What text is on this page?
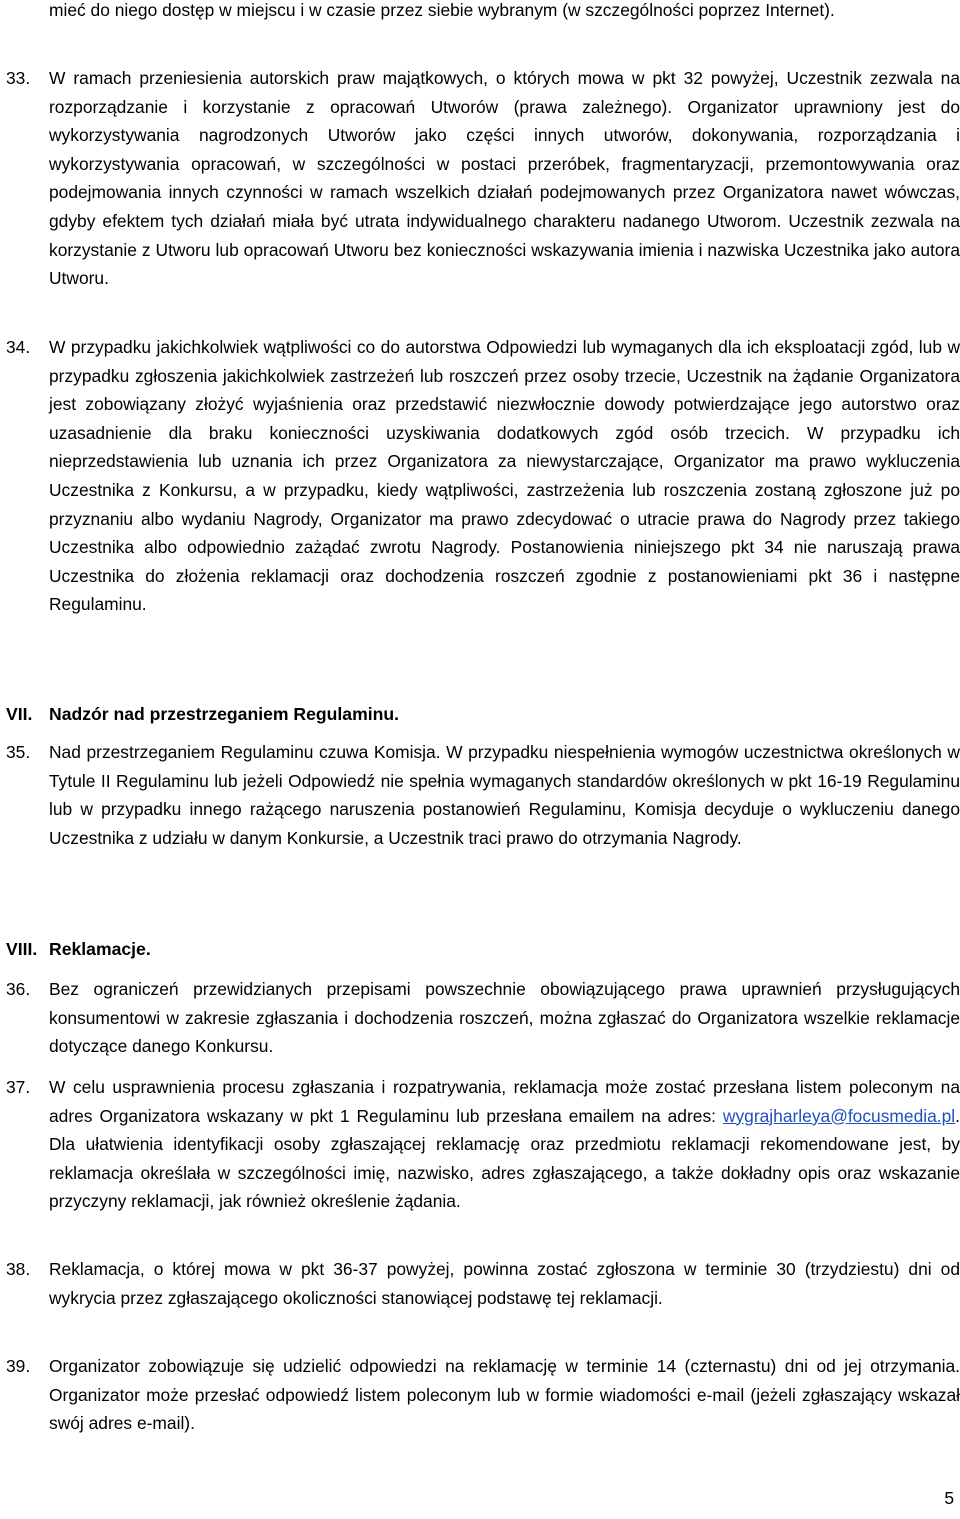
mieć do niego dostęp w miejscu i w czasie przez siebie wybranym (w szczególności poprzez Internet).
33.	W ramach przeniesienia autorskich praw majątkowych, o których mowa w pkt 32 powyżej, Uczestnik zezwala na rozporządzanie i korzystanie z opracowań Utworów (prawa zależnego). Organizator uprawniony jest do wykorzystywania nagrodzonych Utworów jako części innych utworów, dokonywania, rozporządzania i wykorzystywania opracowań, w szczególności w postaci przeróbek, fragmentaryzacji, przemontowywania oraz podejmowania innych czynności w ramach wszelkich działań podejmowanych przez Organizatora nawet wówczas, gdyby efektem tych działań miała być utrata indywidualnego charakteru nadanego Utworom. Uczestnik zezwala na korzystanie z Utworu lub opracowań Utworu bez konieczności wskazywania imienia i nazwiska Uczestnika jako autora Utworu.
34.	W przypadku jakichkolwiek wątpliwości co do autorstwa Odpowiedzi lub wymaganych dla ich eksploatacji zgód, lub w przypadku zgłoszenia jakichkolwiek zastrzeżeń lub roszczeń przez osoby trzecie, Uczestnik na żądanie Organizatora jest zobowiązany złożyć wyjaśnienia oraz przedstawić niezwłocznie dowody potwierdzające jego autorstwo oraz uzasadnienie dla braku konieczności uzyskiwania dodatkowych zgód osób trzecich. W przypadku ich nieprzedstawienia lub uznania ich przez Organizatora za niewystarczające, Organizator ma prawo wykluczenia Uczestnika z Konkursu, a w przypadku, kiedy wątpliwości, zastrzeżenia lub roszczenia zostaną zgłoszone już po przyznaniu albo wydaniu Nagrody, Organizator ma prawo zdecydować o utracie prawa do Nagrody przez takiego Uczestnika albo odpowiednio zażądać zwrotu Nagrody. Postanowienia niniejszego pkt 34 nie naruszają prawa Uczestnika do złożenia reklamacji oraz dochodzenia roszczeń zgodnie z postanowieniami pkt 36 i następne Regulaminu.
VII. Nadzór nad przestrzeganiem Regulaminu.
35.	Nad przestrzeganiem Regulaminu czuwa Komisja. W przypadku niespełnienia wymogów uczestnictwa określonych w Tytule II Regulaminu lub jeżeli Odpowiedź nie spełnia wymaganych standardów określonych w pkt 16-19 Regulaminu lub w przypadku innego rażącego naruszenia postanowień Regulaminu, Komisja decyduje o wykluczeniu danego Uczestnika z udziału w danym Konkursie, a Uczestnik traci prawo do otrzymania Nagrody.
VIII. Reklamacje.
36.	Bez ograniczeń przewidzianych przepisami powszechnie obowiązującego prawa uprawnień przysługujących konsumentowi w zakresie zgłaszania i dochodzenia roszczeń, można zgłaszać do Organizatora wszelkie reklamacje dotyczące danego Konkursu.
37.	W celu usprawnienia procesu zgłaszania i rozpatrywania, reklamacja może zostać przesłana listem poleconym na adres Organizatora wskazany w pkt 1 Regulaminu lub przesłana emailem na adres: wygrajharleya@focusmedia.pl. Dla ułatwienia identyfikacji osoby zgłaszającej reklamację oraz przedmiotu reklamacji rekomendowane jest, by reklamacja określała w szczególności imię, nazwisko, adres zgłaszającego, a także dokładny opis oraz wskazanie przyczyny reklamacji, jak również określenie żądania.
38.	Reklamacja, o której mowa w pkt 36-37 powyżej, powinna zostać zgłoszona w terminie 30 (trzydziestu) dni od wykrycia przez zgłaszającego okoliczności stanowiącej podstawę tej reklamacji.
39.	Organizator zobowiązuje się udzielić odpowiedzi na reklamację w terminie 14 (czternastu) dni od jej otrzymania. Organizator może przesłać odpowiedź listem poleconym lub w formie wiadomości e-mail (jeżeli zgłaszający wskazał swój adres e-mail).
5
